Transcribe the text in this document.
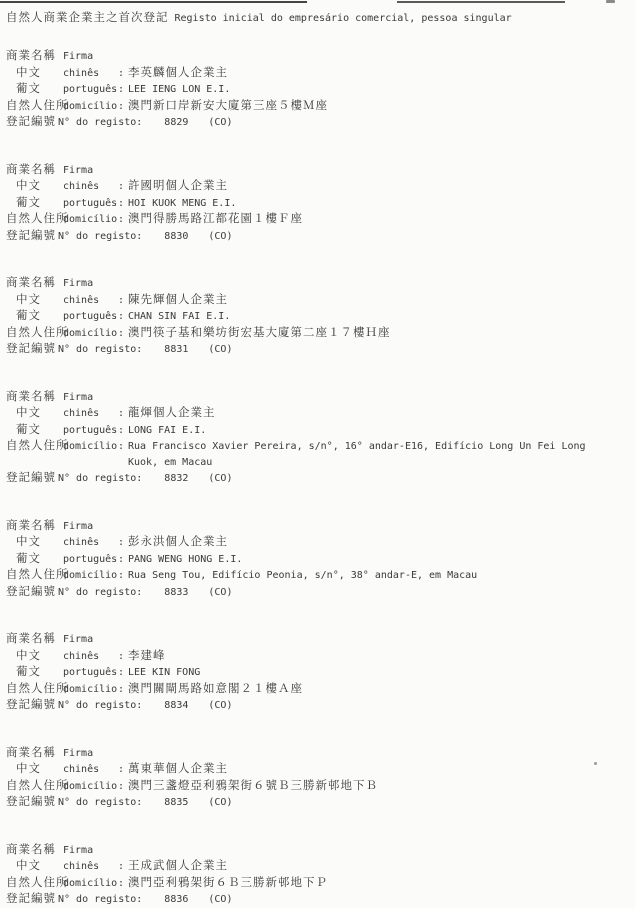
自然人商業企業主之首次登記 Registo inicial do empresário comercial, pessoa singular
商業名稱 Firma
中文	chinês	: 李英麟個人企業主
葡文	português : LEE IENG LON E.I.
自然人住所
domicílio : 澳門新口岸新安大廈第三座５樓Ｍ座
登記編號 N° do registo: 8829 (CO)
商業名稱 Firma
中文	chinês	: 許國明個人企業主
葡文	português : HOI KUOK MENG E.I.
自然人住所
domicílio : 澳門得勝馬路江都花園１樓Ｆ座
登記編號 N° do registo: 8830 (CO)
商業名稱 Firma
中文	chinês	: 陳先輝個人企業主
葡文	português : CHAN SIN FAI E.I.
自然人住所
domicílio : 澳門筷子基和樂坊街宏基大廈第二座１７樓Ｈ座
登記編號 N° do registo: 8831 (CO)
商業名稱 Firma
中文	chinês	: 龍煇個人企業主
葡文	português : LONG FAI E.I.
自然人住所
domicílio : Rua Francisco Xavier Pereira, s/n°, 16° andar-E16, Edifício Long Un Fei Long
Kuok, em Macau
登記編號 N° do registo: 8832 (CO)
商業名稱 Firma
中文	chinês	: 彭永洪個人企業主
葡文	português : PANG WENG HONG E.I.
自然人住所
domicílio : Rua Seng Tou, Edifício Peonia, s/n°, 38° andar-E, em Macau
登記編號 N° do registo: 8833 (CO)
商業名稱 Firma
中文	chinês	: 李建峰
葡文	português : LEE KIN FONG
自然人住所
domicílio : 澳門關閘馬路如意閣２１樓Ａ座
登記編號 N° do registo: 8834 (CO)
商業名稱 Firma
中文	chinês	: 萬東華個人企業主
自然人住所
domicílio : 澳門三盞燈亞利鴉架街６號Ｂ三勝新邨地下Ｂ
登記編號 N° do registo: 8835 (CO)
商業名稱 Firma
中文	chinês	: 王成武個人企業主
自然人住所
domicílio : 澳門亞利鴉架街６Ｂ三勝新邨地下Ｐ
登記編號 N° do registo: 8836 (CO)
